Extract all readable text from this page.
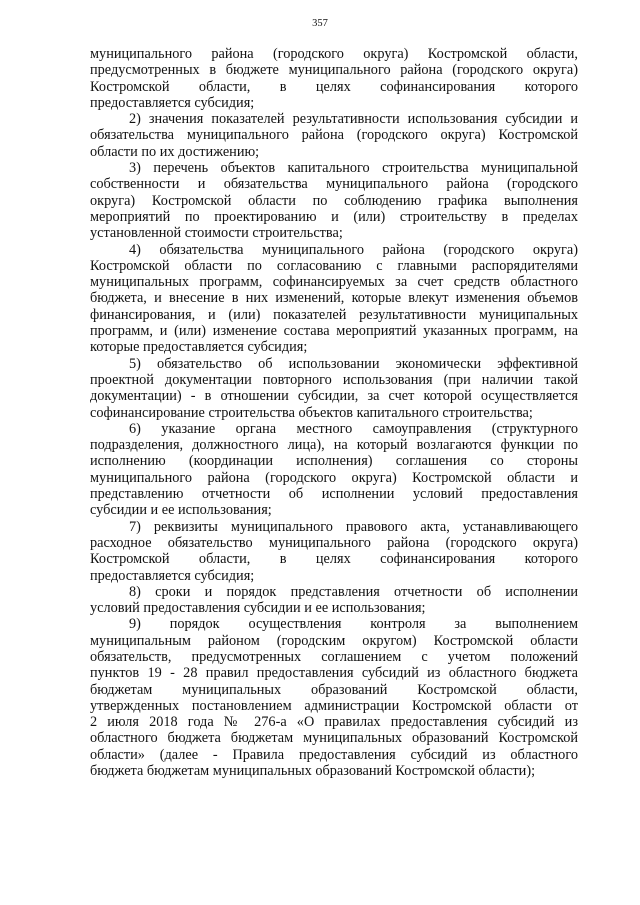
357
муниципального района (городского округа) Костромской области,
предусмотренных в бюджете муниципального района (городского округа)
Костромской области, в целях софинансирования которого
предоставляется субсидия;
2) значения показателей результативности использования субсидии и
обязательства муниципального района (городского округа) Костромской
области по их достижению;
3) перечень объектов капитального строительства муниципальной
собственности и обязательства муниципального района (городского
округа) Костромской области по соблюдению графика выполнения
мероприятий по проектированию и (или) строительству в пределах
установленной стоимости строительства;
4) обязательства муниципального района (городского округа)
Костромской области по согласованию с главными распорядителями
муниципальных программ, софинансируемых за счет средств областного
бюджета, и внесение в них изменений, которые влекут изменения объемов
финансирования, и (или) показателей результативности муниципальных
программ, и (или) изменение состава мероприятий указанных программ, на
которые предоставляется субсидия;
5) обязательство об использовании экономически эффективной
проектной документации повторного использования (при наличии такой
документации) - в отношении субсидии, за счет которой осуществляется
софинансирование строительства объектов капитального строительства;
6) указание органа местного самоуправления (структурного
подразделения, должностного лица), на который возлагаются функции по
исполнению (координации исполнения) соглашения со стороны
муниципального района (городского округа) Костромской области и
представлению отчетности об исполнении условий предоставления
субсидии и ее использования;
7) реквизиты муниципального правового акта, устанавливающего
расходное обязательство муниципального района (городского округа)
Костромской области, в целях софинансирования которого
предоставляется субсидия;
8) сроки и порядок представления отчетности об исполнении
условий предоставления субсидии и ее использования;
9) порядок осуществления контроля за выполнением
муниципальным районом (городским округом) Костромской области
обязательств, предусмотренных соглашением с учетом положений
пунктов 19 - 28 правил предоставления субсидий из областного бюджета
бюджетам муниципальных образований Костромской области,
утвержденных постановлением администрации Костромской области от
2 июля 2018 года № 276-а «О правилах предоставления субсидий из
областного бюджета бюджетам муниципальных образований Костромской
области» (далее - Правила предоставления субсидий из областного
бюджета бюджетам муниципальных образований Костромской области);
